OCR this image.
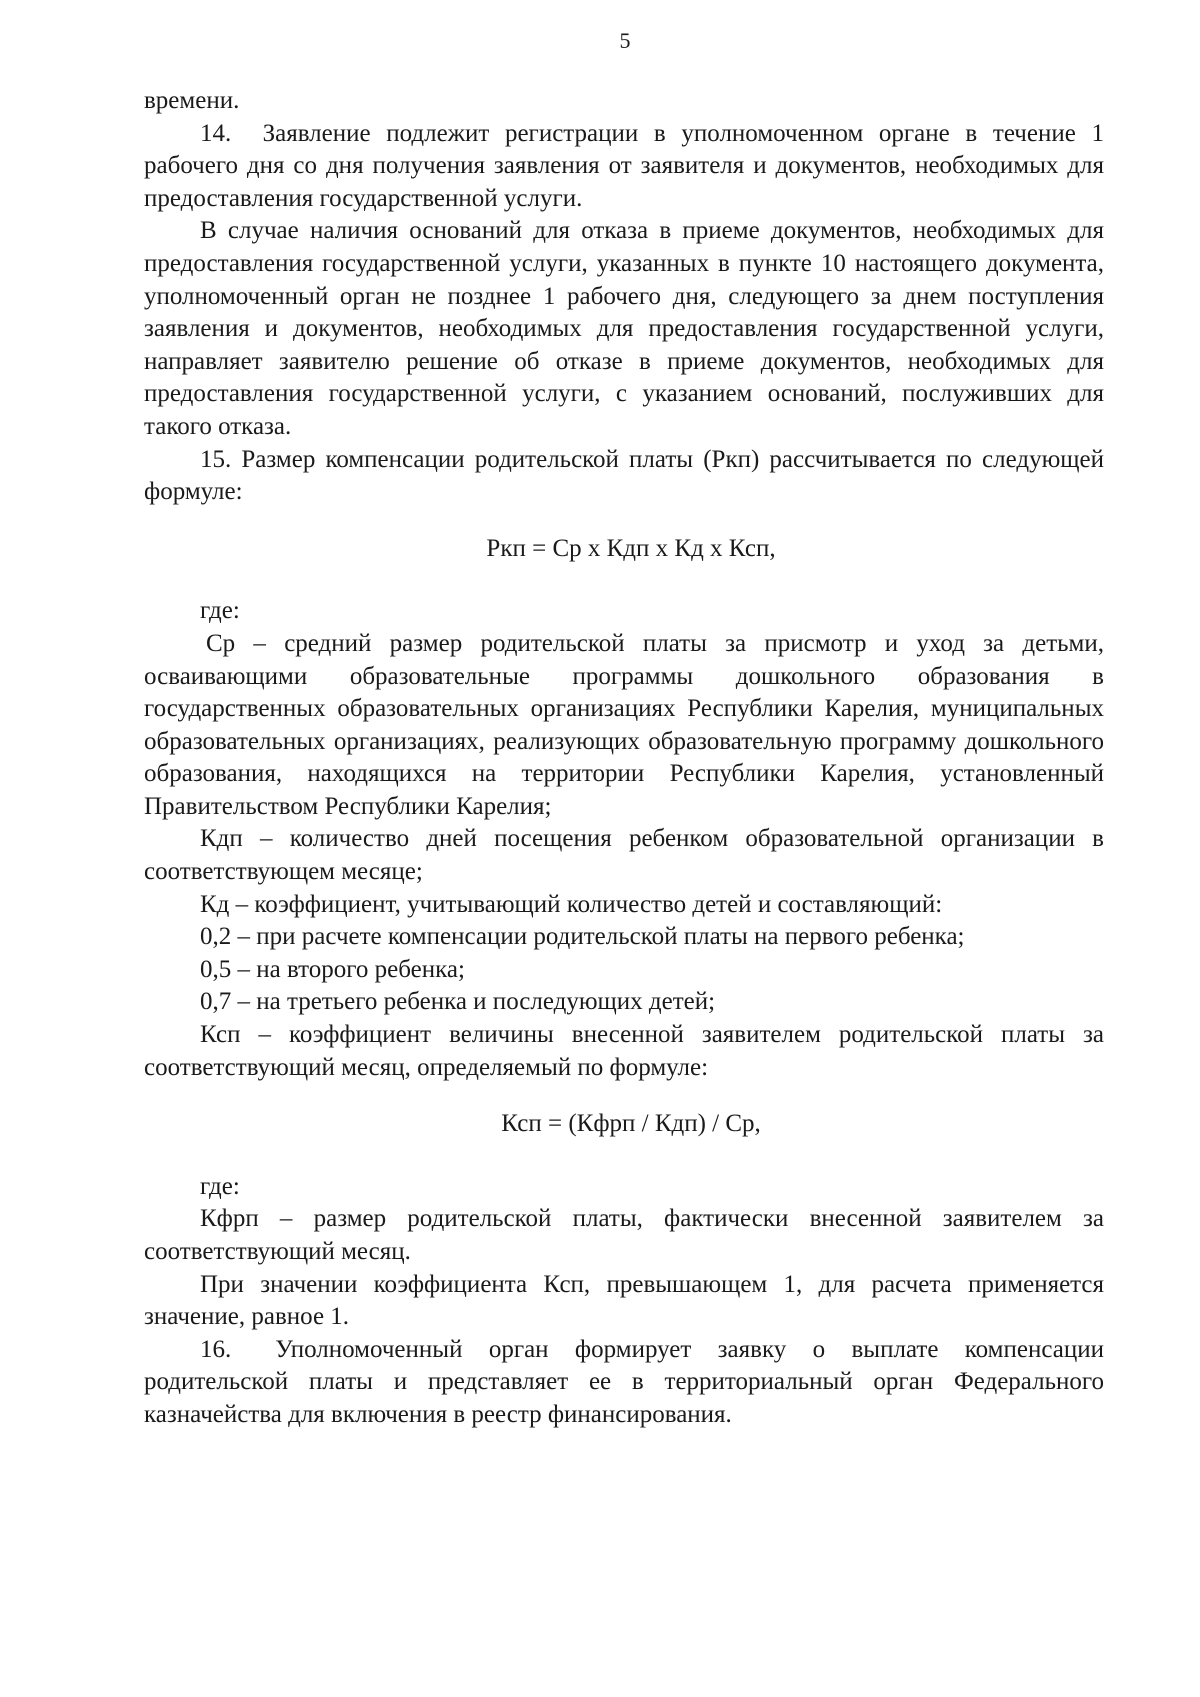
5

времени.

14.  Заявление подлежит регистрации в уполномоченном органе в течение 1 рабочего дня со дня получения заявления от заявителя и документов, необходимых для предоставления государственной услуги.

В случае наличия оснований для отказа в приеме документов, необходимых для предоставления государственной услуги, указанных в пункте 10 настоящего документа, уполномоченный орган не позднее 1 рабочего дня, следующего за днем поступления заявления и документов, необходимых для предоставления государственной услуги, направляет заявителю решение об отказе в приеме документов, необходимых для предоставления государственной услуги, с указанием оснований, послуживших для такого отказа.

15. Размер компенсации родительской платы (Ркп) рассчитывается по следующей формуле:

Ркп = Ср х Кдп х Кд х Ксп,

где:

Ср – средний размер родительской платы за присмотр и уход за детьми, осваивающими образовательные программы дошкольного образования в государственных образовательных организациях Республики Карелия, муниципальных образовательных организациях, реализующих образовательную программу дошкольного образования, находящихся на территории Республики Карелия, установленный Правительством Республики Карелия;

Кдп – количество дней посещения ребенком образовательной организации в соответствующем месяце;

Кд – коэффициент, учитывающий количество детей и составляющий:

0,2 – при расчете компенсации родительской платы на первого ребенка;

0,5 – на второго ребенка;

0,7 – на третьего ребенка и последующих детей;

Ксп – коэффициент величины внесенной заявителем родительской платы за соответствующий месяц, определяемый по формуле:

Ксп = (Кфрп / Кдп) / Ср,

где:

Кфрп – размер родительской платы, фактически внесенной заявителем за соответствующий месяц.

При значении коэффициента Ксп, превышающем 1, для расчета применяется значение, равное 1.

16. Уполномоченный орган формирует заявку о выплате компенсации родительской платы и представляет ее в территориальный орган Федерального казначейства для включения в реестр финансирования.
